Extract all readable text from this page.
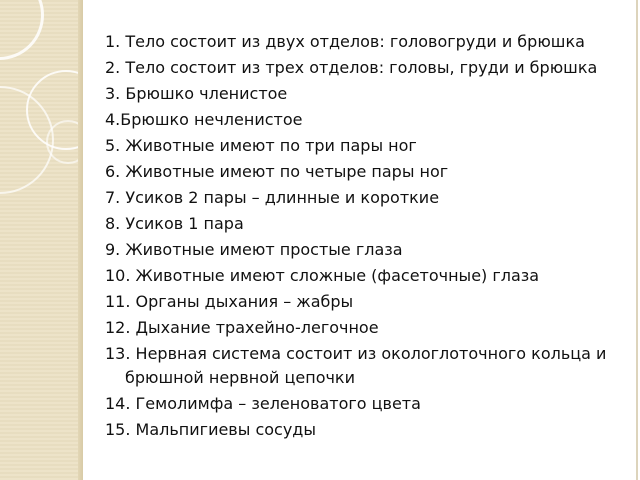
1. Тело состоит из двух отделов: головогруди и брюшка
2. Тело состоит из трех отделов: головы, груди и брюшка
3. Брюшко членистое
4.Брюшко нечленистое
5. Животные имеют по три пары ног
6. Животные имеют по четыре пары ног
7. Усиков 2 пары – длинные и короткие
8. Усиков 1 пара
9. Животные имеют простые глаза
10. Животные имеют сложные (фасеточные) глаза
11. Органы дыхания – жабры
12. Дыхание трахейно-легочное
13. Нервная система состоит из окологлоточного кольца и брюшной нервной цепочки
14. Гемолимфа – зеленоватого цвета
15. Мальпигиевы сосуды
